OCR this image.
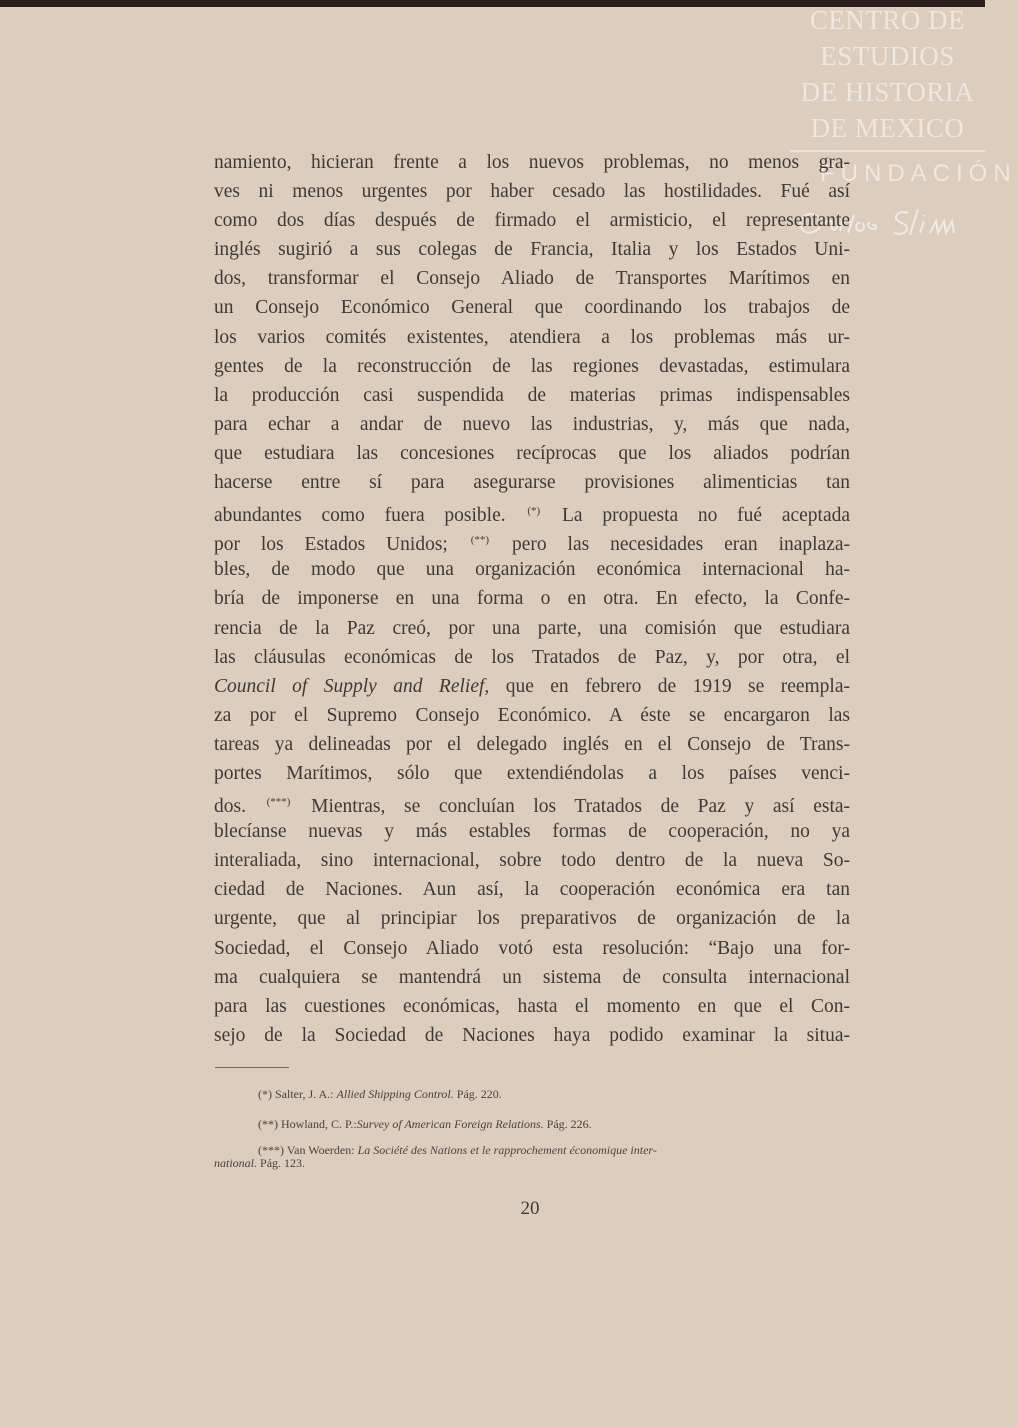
CENTRO DE
ESTUDIOS
DE HISTORIA
DE MEXICO
FUNDACIÓN
namiento, hicieran frente a los nuevos problemas, no menos gra-
ves ni menos urgentes por haber cesado las hostilidades. Fué así
como dos días después de firmado el armisticio, el representante
inglés sugirió a sus colegas de Francia, Italia y los Estados Uni-
dos, transformar el Consejo Aliado de Transportes Marítimos en
un Consejo Económico General que coordinando los trabajos de
los varios comités existentes, atendiera a los problemas más ur-
gentes de la reconstrucción de las regiones devastadas, estimulara
la producción casi suspendida de materias primas indispensables
para echar a andar de nuevo las industrias, y, más que nada,
que estudiara las concesiones recíprocas que los aliados podrían
hacerse entre sí para asegurarse provisiones alimenticias tan
abundantes como fuera posible. (*) La propuesta no fué aceptada
por los Estados Unidos; (**) pero las necesidades eran inaplaza-
bles, de modo que una organización económica internacional ha-
bría de imponerse en una forma o en otra. En efecto, la Confe-
rencia de la Paz creó, por una parte, una comisión que estudiara
las cláusulas económicas de los Tratados de Paz, y, por otra, el
Council of Supply and Relief, que en febrero de 1919 se reempla-
za por el Supremo Consejo Económico. A éste se encargaron las
tareas ya delineadas por el delegado inglés en el Consejo de Trans-
portes Marítimos, sólo que extendiéndolas a los países venci-
dos. (***) Mientras, se concluían los Tratados de Paz y así esta-
blecíanse nuevas y más estables formas de cooperación, no ya
interaliada, sino internacional, sobre todo dentro de la nueva So-
ciedad de Naciones. Aun así, la cooperación económica era tan
urgente, que al principiar los preparativos de organización de la
Sociedad, el Consejo Aliado votó esta resolución: “Bajo una for-
ma cualquiera se mantendrá un sistema de consulta internacional
para las cuestiones económicas, hasta el momento en que el Con-
sejo de la Sociedad de Naciones haya podido examinar la situa-
(*) Salter, J. A.: Allied Shipping Control. Pág. 220.
(**) Howland, C. P.:Survey of American Foreign Relations. Pág. 226.
(***) Van Woerden: La Société des Nations et le rapprochement économique inter-
national. Pág. 123.
20
